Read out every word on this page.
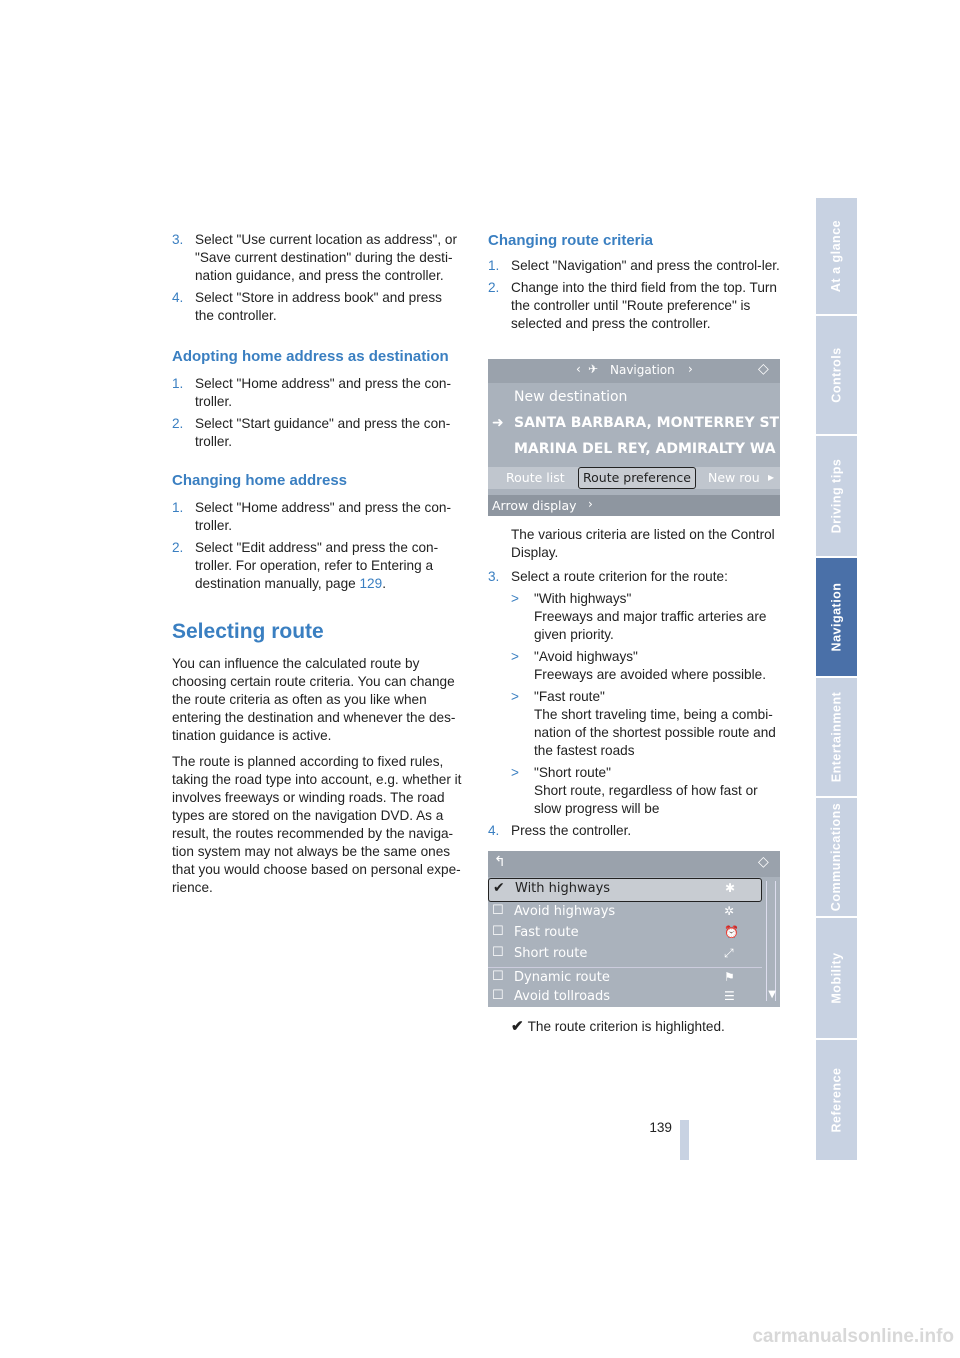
3. Select "Use current location as address", or "Save current destination" during the desti-nation guidance, and press the controller.
4. Select "Store in address book" and press the controller.
Adopting home address as destination
1. Select "Home address" and press the con-troller.
2. Select "Start guidance" and press the con-troller.
Changing home address
1. Select "Home address" and press the con-troller.
2. Select "Edit address" and press the con-troller. For operation, refer to Entering a destination manually, page 129.
Selecting route

You can influence the calculated route by choosing certain route criteria. You can change the route criteria as often as you like when entering the destination and whenever the des-tination guidance is active.

The route is planned according to fixed rules, taking the road type into account, e.g. whether it involves freeways or winding roads. The road types are stored on the navigation DVD. As a result, the routes recommended by the naviga-tion system may not always be the same ones that you would choose based on personal expe-rience.

Changing route criteria
1. Select "Navigation" and press the control-ler.
2. Change into the third field from the top. Turn the controller until "Route preference" is selected and press the controller.
‹ ✈ Navigation ›	◇
New destination
➜ SANTA BARBARA, MONTERREY ST
MARINA DEL REY, ADMIRALTY WA
Route list	Route preference	New rou ▸
Arrow display ›

The various criteria are listed on the Control Display.

3. Select a route criterion for the route:
> "With highways"
Freeways and major traffic arteries are given priority.
> "Avoid highways"
Freeways are avoided where possible.
> "Fast route"
The short traveling time, being a combi-nation of the shortest possible route and the fastest roads
> "Short route"
Short route, regardless of how fast or slow progress will be
4. Press the controller.
↰	◇
✔ With highways	✱
☐ Avoid highways	✲
☐ Fast route	⏰
☐ Short route	⤢
☐ Dynamic route	⚑
☐ Avoid tollroads	☰	▼
✔ The route criterion is highlighted.
139
At a glance
Controls
Driving tips
Navigation
Entertainment
Communications
Mobility
Reference
carmanualsonline.info
